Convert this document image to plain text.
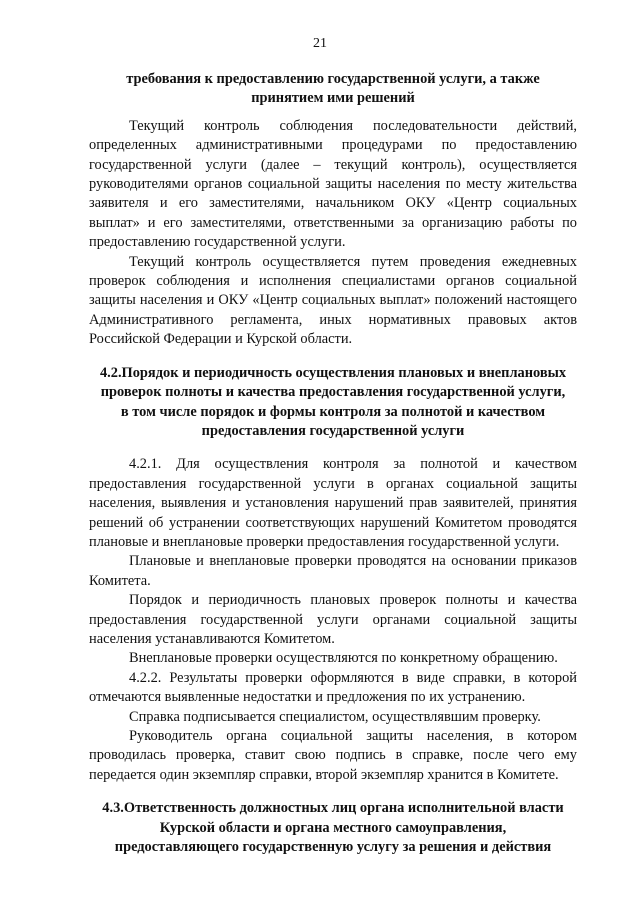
21

требования к предоставлению государственной услуги, а также принятием ими решений

Текущий контроль соблюдения последовательности действий, определенных административными процедурами по предоставлению государственной услуги (далее – текущий контроль), осуществляется руководителями органов социальной защиты населения по месту жительства заявителя и его заместителями, начальником ОКУ «Центр социальных выплат» и его заместителями, ответственными за организацию работы по предоставлению государственной услуги.

Текущий контроль осуществляется путем проведения ежедневных проверок соблюдения и исполнения специалистами органов социальной защиты населения и ОКУ «Центр социальных выплат» положений настоящего Административного регламента, иных нормативных правовых актов Российской Федерации и Курской области.

4.2.Порядок и периодичность осуществления плановых и внеплановых проверок полноты и качества предоставления государственной услуги, в том числе порядок и формы контроля за полнотой и качеством предоставления государственной услуги

4.2.1. Для осуществления контроля за полнотой и качеством предоставления государственной услуги в органах социальной защиты населения, выявления и установления нарушений прав заявителей, принятия решений об устранении соответствующих нарушений Комитетом проводятся плановые и внеплановые проверки предоставления государственной услуги.

Плановые и внеплановые проверки проводятся на основании приказов Комитета.

Порядок и периодичность плановых проверок полноты и качества предоставления государственной услуги органами социальной защиты населения устанавливаются Комитетом.

Внеплановые проверки осуществляются по конкретному обращению.

4.2.2. Результаты проверки оформляются в виде справки, в которой отмечаются выявленные недостатки и предложения по их устранению.

Справка подписывается специалистом, осуществлявшим проверку.

Руководитель органа социальной защиты населения, в котором проводилась проверка, ставит свою подпись в справке, после чего ему передается один экземпляр справки, второй экземпляр хранится в Комитете.

4.3.Ответственность должностных лиц органа исполнительной власти Курской области и органа местного самоуправления, предоставляющего государственную услугу за решения и действия
